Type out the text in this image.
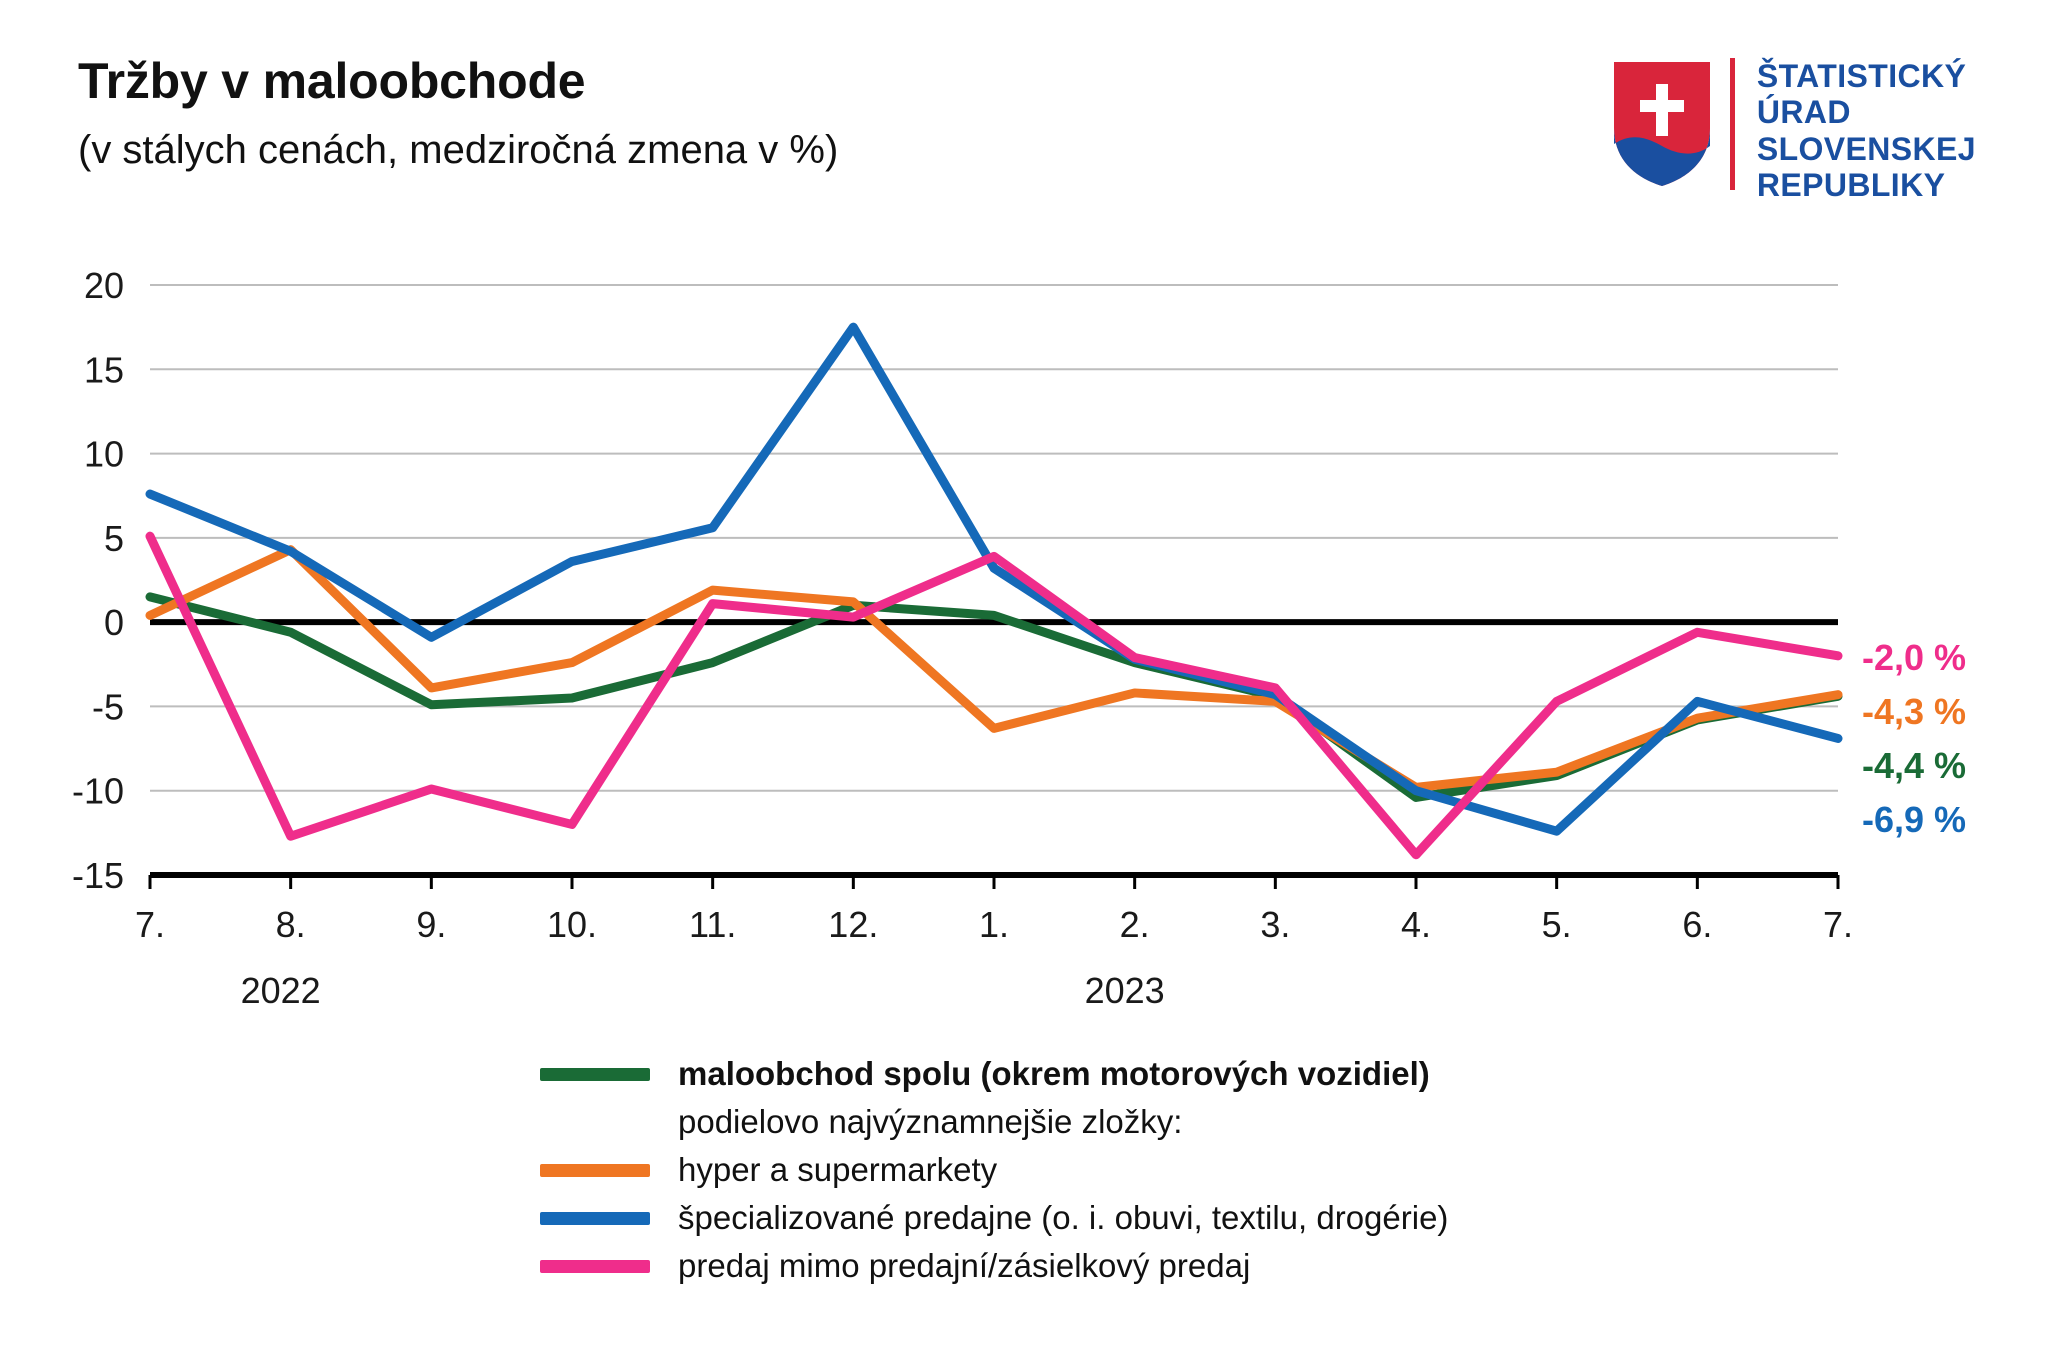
Tržby v maloobchode
(v stálych cenách, medziročná zmena v %)
ŠTATISTICKÝ
ÚRAD
SLOVENSKEJ
REPUBLIKY
-15
-10
-5
0
5
10
15
20
7.	8.	9.	10.	11.	12.	1.	2.	3.	4.	5.	6.	7.
2022	2023
-2,0 %
-4,3 %
-4,4 %
-6,9 %
maloobchod spolu (okrem motorových vozidiel)
podielovo najvýznamnejšie zložky:
hyper a supermarkety
špecializované predajne (o. i. obuvi, textilu, drogérie)
predaj mimo predajní/zásielkový predaj
